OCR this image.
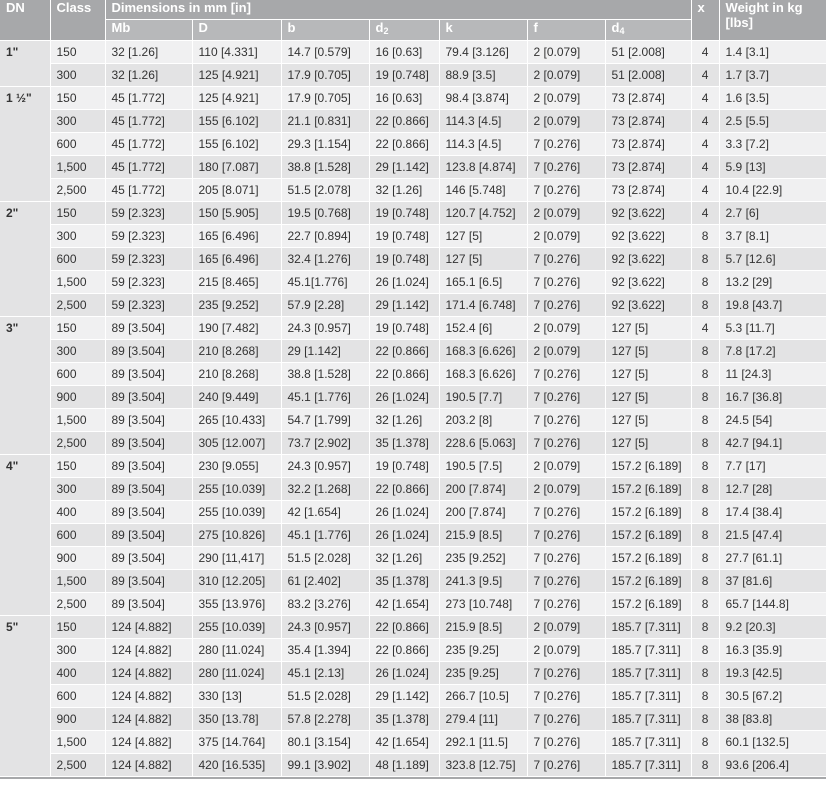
DN	Class	Dimensions in mm [in]							x	Weight in kg [lbs]
		Mb	D	b	$d_2$	k	f	$d_4$
1"	150	32 [1.26]	110 [4.331]	14.7 [0.579]	16 [0.63]	79.4 [3.126]	2 [0.079]	51 [2.008]	4	1.4 [3.1]
	300	32 [1.26]	125 [4.921]	17.9 [0.705]	19 [0.748]	88.9 [3.5]	2 [0.079]	51 [2.008]	4	1.7 [3.7]
1 ½"	150	45 [1.772]	125 [4.921]	17.9 [0.705]	16 [0.63]	98.4 [3.874]	2 [0.079]	73 [2.874]	4	1.6 [3.5]
	300	45 [1.772]	155 [6.102]	21.1 [0.831]	22 [0.866]	114.3 [4.5]	2 [0.079]	73 [2.874]	4	2.5 [5.5]
	600	45 [1.772]	155 [6.102]	29.3 [1.154]	22 [0.866]	114.3 [4.5]	7 [0.276]	73 [2.874]	4	3.3 [7.2]
	1,500	45 [1.772]	180 [7.087]	38.8 [1.528]	29 [1.142]	123.8 [4.874]	7 [0.276]	73 [2.874]	4	5.9 [13]
	2,500	45 [1.772]	205 [8.071]	51.5 [2.078]	32 [1.26]	146 [5.748]	7 [0.276]	73 [2.874]	4	10.4 [22.9]
2"	150	59 [2.323]	150 [5.905]	19.5 [0.768]	19 [0.748]	120.7 [4.752]	2 [0.079]	92 [3.622]	4	2.7 [6]
	300	59 [2.323]	165 [6.496]	22.7 [0.894]	19 [0.748]	127 [5]	2 [0.079]	92 [3.622]	8	3.7 [8.1]
	600	59 [2.323]	165 [6.496]	32.4 [1.276]	19 [0.748]	127 [5]	7 [0.276]	92 [3.622]	8	5.7 [12.6]
	1,500	59 [2.323]	215 [8.465]	45.1[1.776]	26 [1.024]	165.1 [6.5]	7 [0.276]	92 [3.622]	8	13.2 [29]
	2,500	59 [2.323]	235 [9.252]	57.9 [2.28]	29 [1.142]	171.4 [6.748]	7 [0.276]	92 [3.622]	8	19.8 [43.7]
3"	150	89 [3.504]	190 [7.482]	24.3 [0.957]	19 [0.748]	152.4 [6]	2 [0.079]	127 [5]	4	5.3 [11.7]
	300	89 [3.504]	210 [8.268]	29 [1.142]	22 [0.866]	168.3 [6.626]	2 [0.079]	127 [5]	8	7.8 [17.2]
	600	89 [3.504]	210 [8.268]	38.8 [1.528]	22 [0.866]	168.3 [6.626]	7 [0.276]	127 [5]	8	11 [24.3]
	900	89 [3.504]	240 [9.449]	45.1 [1.776]	26 [1.024]	190.5 [7.7]	7 [0.276]	127 [5]	8	16.7 [36.8]
	1,500	89 [3.504]	265 [10.433]	54.7 [1.799]	32 [1.26]	203.2 [8]	7 [0.276]	127 [5]	8	24.5 [54]
	2,500	89 [3.504]	305 [12.007]	73.7 [2.902]	35 [1.378]	228.6 [5.063]	7 [0.276]	127 [5]	8	42.7 [94.1]
4"	150	89 [3.504]	230 [9.055]	24.3 [0.957]	19 [0.748]	190.5 [7.5]	2 [0.079]	157.2 [6.189]	8	7.7 [17]
	300	89 [3.504]	255 [10.039]	32.2 [1.268]	22 [0.866]	200 [7.874]	2 [0.079]	157.2 [6.189]	8	12.7 [28]
	400	89 [3.504]	255 [10.039]	42 [1.654]	26 [1.024]	200 [7.874]	7 [0.276]	157.2 [6.189]	8	17.4 [38.4]
	600	89 [3.504]	275 [10.826]	45.1 [1.776]	26 [1.024]	215.9 [8.5]	7 [0.276]	157.2 [6.189]	8	21.5 [47.4]
	900	89 [3.504]	290 [11,417]	51.5 [2.028]	32 [1.26]	235 [9.252]	7 [0.276]	157.2 [6.189]	8	27.7 [61.1]
	1,500	89 [3.504]	310 [12.205]	61 [2.402]	35 [1.378]	241.3 [9.5]	7 [0.276]	157.2 [6.189]	8	37 [81.6]
	2,500	89 [3.504]	355 [13.976]	83.2 [3.276]	42 [1.654]	273 [10.748]	7 [0.276]	157.2 [6.189]	8	65.7 [144.8]
5"	150	124 [4.882]	255 [10.039]	24.3 [0.957]	22 [0.866]	215.9 [8.5]	2 [0.079]	185.7 [7.311]	8	9.2 [20.3]
	300	124 [4.882]	280 [11.024]	35.4 [1.394]	22 [0.866]	235 [9.25]	2 [0.079]	185.7 [7.311]	8	16.3 [35.9]
	400	124 [4.882]	280 [11.024]	45.1 [2.13]	26 [1.024]	235 [9.25]	7 [0.276]	185.7 [7.311]	8	19.3 [42.5]
	600	124 [4.882]	330 [13]	51.5 [2.028]	29 [1.142]	266.7 [10.5]	7 [0.276]	185.7 [7.311]	8	30.5 [67.2]
	900	124 [4.882]	350 [13.78]	57.8 [2.278]	35 [1.378]	279.4 [11]	7 [0.276]	185.7 [7.311]	8	38 [83.8]
	1,500	124 [4.882]	375 [14.764]	80.1 [3.154]	42 [1.654]	292.1 [11.5]	7 [0.276]	185.7 [7.311]	8	60.1 [132.5]
	2,500	124 [4.882]	420 [16.535]	99.1 [3.902]	48 [1.189]	323.8 [12.75]	7 [0.276]	185.7 [7.311]	8	93.6 [206.4]
